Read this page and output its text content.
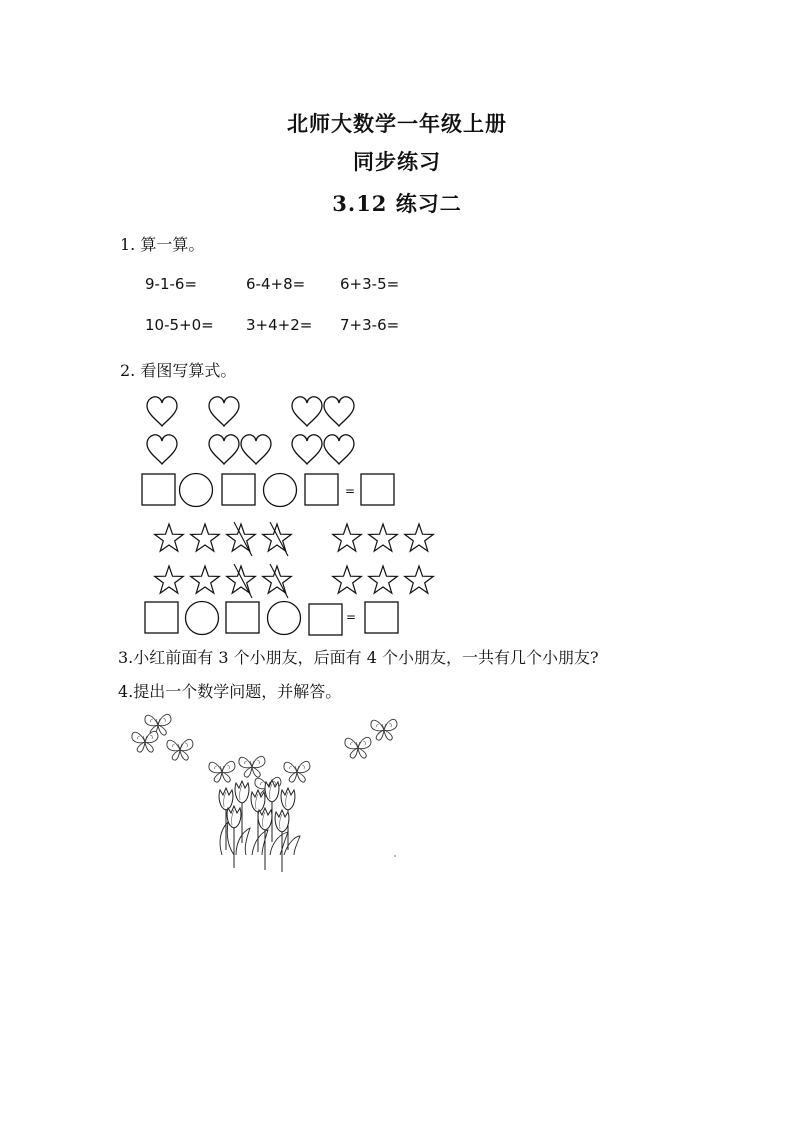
北师大数学一年级上册
同步练习
3.12 练习二
1. 算一算。
9-1-6=	6-4+8= 6+3-5=
10-5+0= 3+4+2= 7+3-6=
2. 看图写算式。
=
=
3.小红前面有 3 个小朋友，后面有 4 个小朋友，一共有几个小朋友?
4.提出一个数学问题，并解答。
